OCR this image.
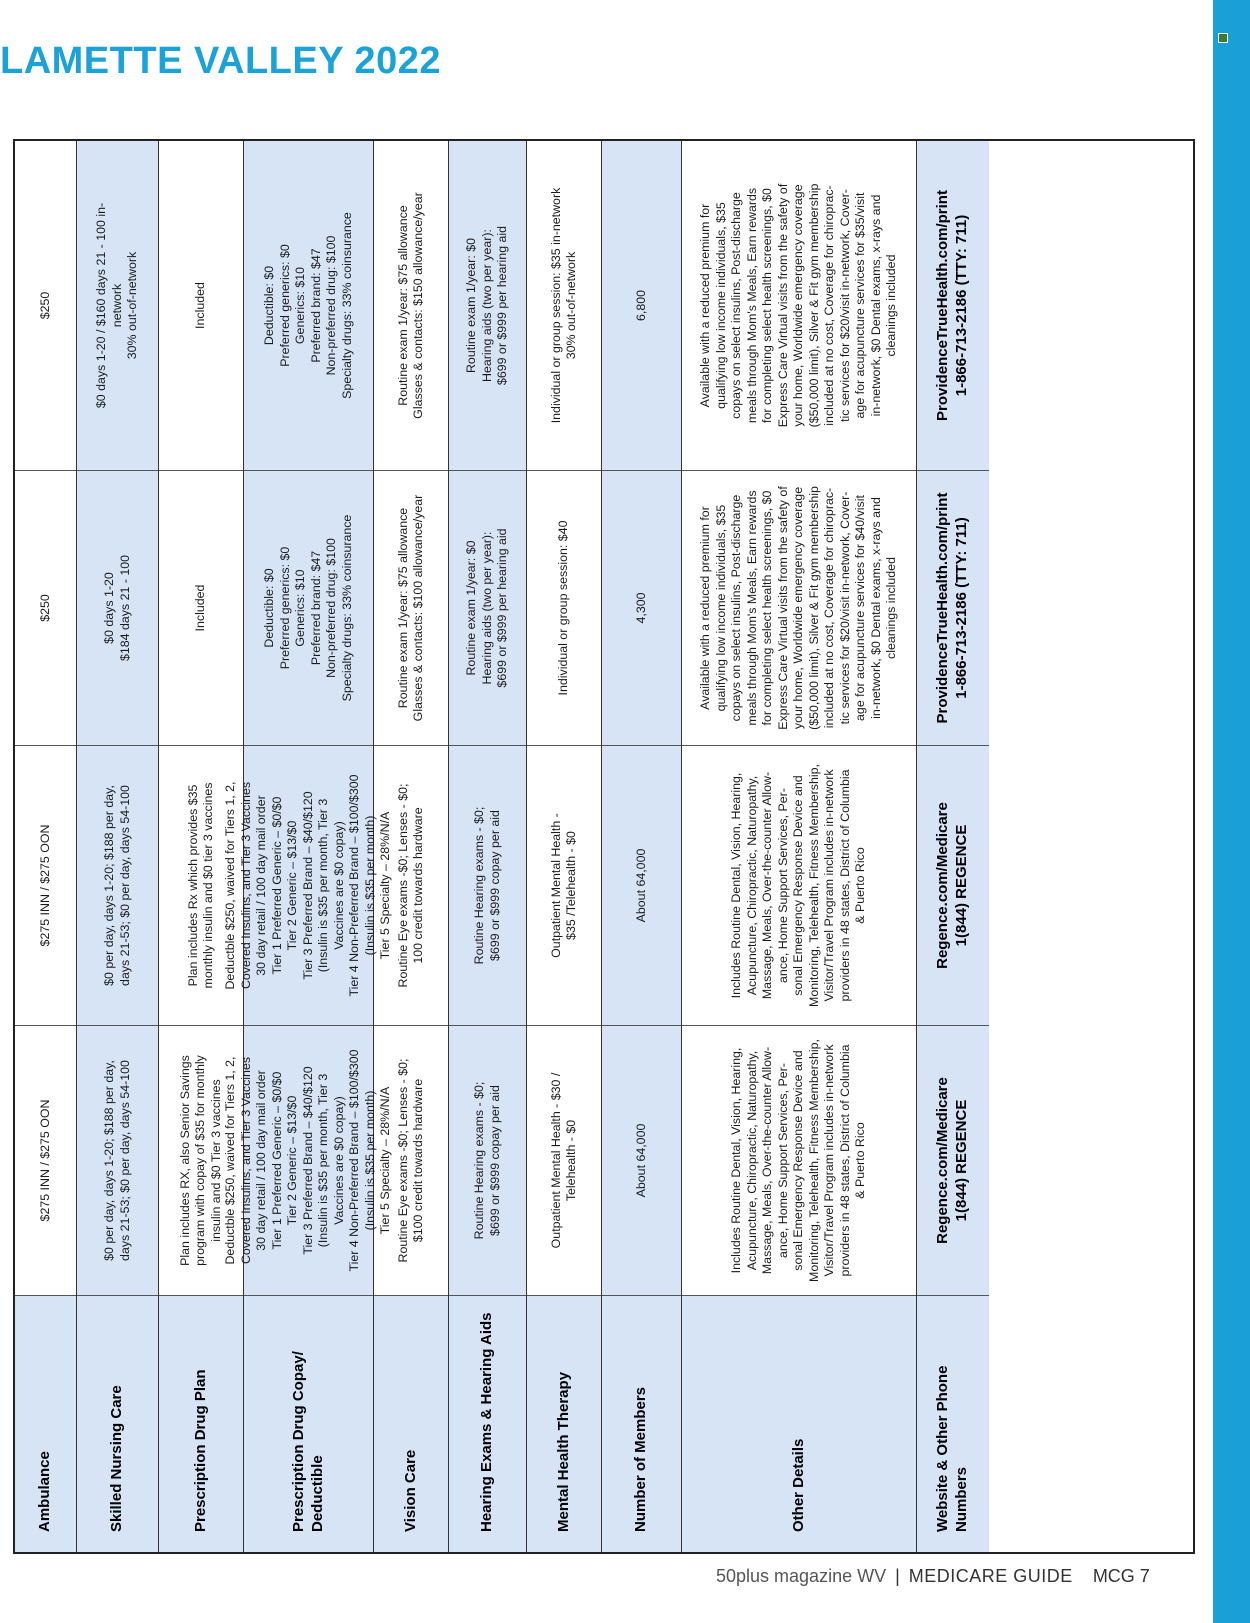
LAMETTE VALLEY 2022
Ambulance
$275 INN / $275 OON
$275 INN / $275 OON
$250
$250
Skilled Nursing Care
$0 per day, days 1-20; $188 per day,
days 21-53; $0 per day, days 54-100
$0 per day, days 1-20; $188 per day,
days 21-53; $0 per day, days 54-100
$0 days 1-20
$184 days 21 - 100
$0 days 1-20 / $160 days 21 - 100 in-
network
30% out-of-network
Prescription Drug Plan
Plan includes RX, also Senior Savings
program with copay of $35 for monthly
insulin and $0 Tier 3 vaccines
Plan includes Rx which provides $35
monthly insulin and $0 tier 3 vaccines
Included
Included
Prescription Drug Copay/
Deductible
Deductble $250, waived for Tiers 1, 2,
Covered Insulins, and Tier 3 Vaccines
30 day retail / 100 day mail order
Tier 1 Preferred Generic – $0/$0
Tier 2 Generic – $13/$0
Tier 3 Preferred Brand – $40/$120
(Insulin is $35 per month, Tier 3
Vaccines are $0 copay)
Tier 4 Non-Preferred Brand – $100/$300
(Insulin is $35 per month)
Tier 5 Specialty – 28%/N/A
Deductble $250, waived for Tiers 1, 2,
Covered Insulins, and Tier 3 Vaccines
30 day retail / 100 day mail order
Tier 1 Preferred Generic – $0/$0
Tier 2 Generic – $13/$0
Tier 3 Preferred Brand – $40/$120
(Insulin is $35 per month, Tier 3
Vaccines are $0 copay)
Tier 4 Non-Preferred Brand – $100/$300
(Insulin is $35 per month)
Tier 5 Specialty – 28%/N/A
Deductible: $0
Preferred generics: $0
Generics: $10
Preferred brand: $47
Non-preferred drug: $100
Specialty drugs: 33% coinsurance
Deductible: $0
Preferred generics: $0
Generics: $10
Preferred brand: $47
Non-preferred drug: $100
Specialty drugs: 33% coinsurance
Vision Care
Routine Eye exams -$0; Lenses - $0;
$100 credit towards hardware
Routine Eye exams -$0; Lenses - $0;
100 credit towards hardware
Routine exam 1/year: $75 allowance
Glasses & contacts: $100 allowance/year
Routine exam 1/year: $75 allowance
Glasses & contacts: $150 allowance/year
Hearing Exams & Hearing Aids
Routine Hearing exams - $0;
$699 or $999 copay per aid
Routine Hearing exams - $0;
$699 or $999 copay per aid
Routine exam 1/year: $0
Hearing aids (two per year):
$699 or $999 per hearing aid
Routine exam 1/year: $0
Hearing aids (two per year):
$699 or $999 per hearing aid
Mental Health Therapy
Outpatient Mental Health - $30 /
Telehealth - $0
Outpatient Mental Health -
$35 /Telehealth - $0
Individual or group session: $40
Individual or group session: $35 in-network
30% out-of-network
Number of Members
About 64,000
About 64,000
4,300
6,800
Other Details
Includes Routine Dental, Vision, Hearing,
Acupuncture, Chiropractic, Naturopathy,
Massage, Meals, Over-the-counter Allow-
ance, Home Support Services, Per-
sonal Emergency Response Device and
Monitoring, Telehealth, Fitness Membership,
Visitor/Travel Program includes in-network
providers in 48 states, District of Columbia
& Puerto Rico
Includes Routine Dental, Vision, Hearing,
Acupuncture, Chiropractic, Naturopathy,
Massage, Meals, Over-the-counter Allow-
ance, Home Support Services, Per-
sonal Emergency Response Device and
Monitoring, Telehealth, Fitness Membership,
Visitor/Travel Program includes in-network
providers in 48 states, District of Columbia
& Puerto Rico
Available with a reduced premium for
qualifying low income individuals, $35
copays on select insulins, Post-discharge
meals through Mom's Meals, Earn rewards
for completing select health screenings, $0
Express Care Virtual visits from the safety of
your home, Worldwide emergency coverage
($50,000 limit), Silver & Fit gym membership
included at no cost, Coverage for chiroprac-
tic services for $20/visit in-network, Cover-
age for acupuncture services for $40/visit
in-network, $0 Dental exams, x-rays and
cleanings included
Available with a reduced premium for
qualifying low income individuals, $35
copays on select insulins, Post-discharge
meals through Mom's Meals, Earn rewards
for completing select health screenings, $0
Express Care Virtual visits from the safety of
your home, Worldwide emergency coverage
($50,000 limit), Silver & Fit gym membership
included at no cost, Coverage for chiroprac-
tic services for $20/visit in-network, Cover-
age for acupuncture services for $35/visit
in-network, $0 Dental exams, x-rays and
cleanings included
Website & Other Phone Numbers
Regence.com/Medicare
1(844) REGENCE
Regence.com/Medicare
1(844) REGENCE
ProvidenceTrueHealth.com/print
1-866-713-2186 (TTY: 711)
ProvidenceTrueHealth.com/print
1-866-713-2186 (TTY: 711)
50plus magazine WV | MEDICARE GUIDE MCG 7
